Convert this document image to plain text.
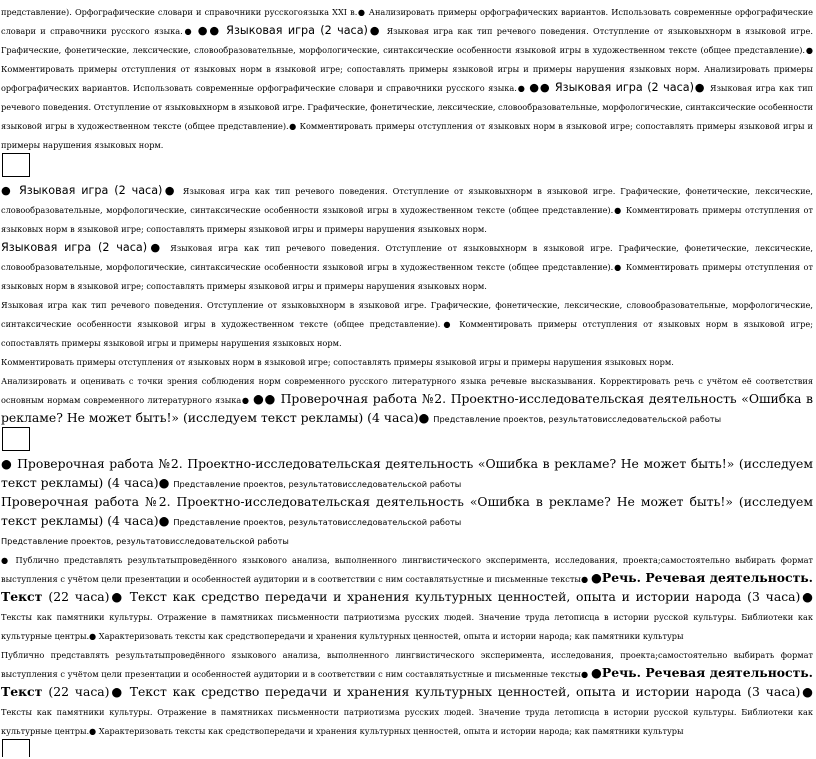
представление). Орфографические словари и справочники русскогоязыка XXI в.● Анализировать примеры орфографических вариантов. Использовать современные орфографические словари и справочники русского языка.● ●● Языковая игра (2 часа)● Языковая игра как тип речевого поведения. Отступление от языковыхнорм в языковой игре. Графические, фонетические, лексические, словообразовательные, морфологические, синтаксические особенности языковой игры в художественном тексте (общее представление).● Комментировать примеры отступления от языковых норм в языковой игре; сопоставлять примеры языковой игры и примеры нарушения языковых норм. Анализировать примеры орфографических вариантов. Использовать современные орфографические словари и справочники русского языка.● ●● Языковая игра (2 часа)● Языковая игра как тип речевого поведения. Отступление от языковыхнорм в языковой игре. Графические, фонетические, лексические, словообразовательные, морфологические, синтаксические особенности языковой игры в художественном тексте (общее представление).● Комментировать примеры отступления от языковых норм в языковой игре; сопоставлять примеры языковой игры и примеры нарушения языковых норм.

● Языковая игра (2 часа)● Языковая игра как тип речевого поведения. Отступление от языковыхнорм в языковой игре. Графические, фонетические, лексические, словообразовательные, морфологические, синтаксические особенности языковой игры в художественном тексте (общее представление).● Комментировать примеры отступления от языковых норм в языковой игре; сопоставлять примеры языковой игры и примеры нарушения языковых норм.

Языковая игра (2 часа)● Языковая игра как тип речевого поведения. Отступление от языковыхнорм в языковой игре. Графические, фонетические, лексические, словообразовательные, морфологические, синтаксические особенности языковой игры в художественном тексте (общее представление).● Комментировать примеры отступления от языковых норм в языковой игре; сопоставлять примеры языковой игры и примеры нарушения языковых норм.

Языковая игра как тип речевого поведения. Отступление от языковыхнорм в языковой игре. Графические, фонетические, лексические, словообразовательные, морфологические, синтаксические особенности языковой игры в художественном тексте (общее представление).● Комментировать примеры отступления от языковых норм в языковой игре; сопоставлять примеры языковой игры и примеры нарушения языковых норм.

Комментировать примеры отступления от языковых норм в языковой игре; сопоставлять примеры языковой игры и примеры нарушения языковых норм.

Анализировать и оценивать с точки зрения соблюдения норм современного русского литературного языка речевые высказывания. Корректировать речь с учётом её соответствия основным нормам современного литературного языка● ●● Проверочная работа №2. Проектно-исследовательская деятельность «Ошибка в рекламе? Не может быть!» (исследуем текст рекламы) (4 часа)● Представление проектов, результатовисследовательской работы

● Проверочная работа №2. Проектно-исследовательская деятельность «Ошибка в рекламе? Не может быть!» (исследуем текст рекламы) (4 часа)● Представление проектов, результатовисследовательской работы

Проверочная работа №2. Проектно-исследовательская деятельность «Ошибка в рекламе? Не может быть!» (исследуем текст рекламы) (4 часа)● Представление проектов, результатовисследовательской работы

Представление проектов, результатовисследовательской работы

● Публично представлять результатыпроведённого языкового анализа, выполненного лингвистического эксперимента, исследования, проекта;самостоятельно выбирать формат выступления с учётом цели презентации и особенностей аудитории и в соответствии с ним составлятьустные и письменные тексты● ●Речь. Речевая деятельность. Текст (22 часа)● Текст как средство передачи и хранения культурных ценностей, опыта и истории народа (3 часа)● Тексты как памятники культуры. Отражение в памятниках письменности патриотизма русских людей. Значение труда летописца в истории русской культуры. Библиотеки как культурные центры.● Характеризовать тексты как средствопередачи и хранения культурных ценностей, опыта и истории народа; как памятники культуры

Публично представлять результатыпроведённого языкового анализа, выполненного лингвистического эксперимента, исследования, проекта;самостоятельно выбирать формат выступления с учётом цели презентации и особенностей аудитории и в соответствии с ним составлятьустные и письменные тексты● ●Речь. Речевая деятельность. Текст (22 часа)● Текст как средство передачи и хранения культурных ценностей, опыта и истории народа (3 часа)● Тексты как памятники культуры. Отражение в памятниках письменности патриотизма русских людей. Значение труда летописца в истории русской культуры. Библиотеки как культурные центры.● Характеризовать тексты как средствопередачи и хранения культурных ценностей, опыта и истории народа; как памятники культуры
